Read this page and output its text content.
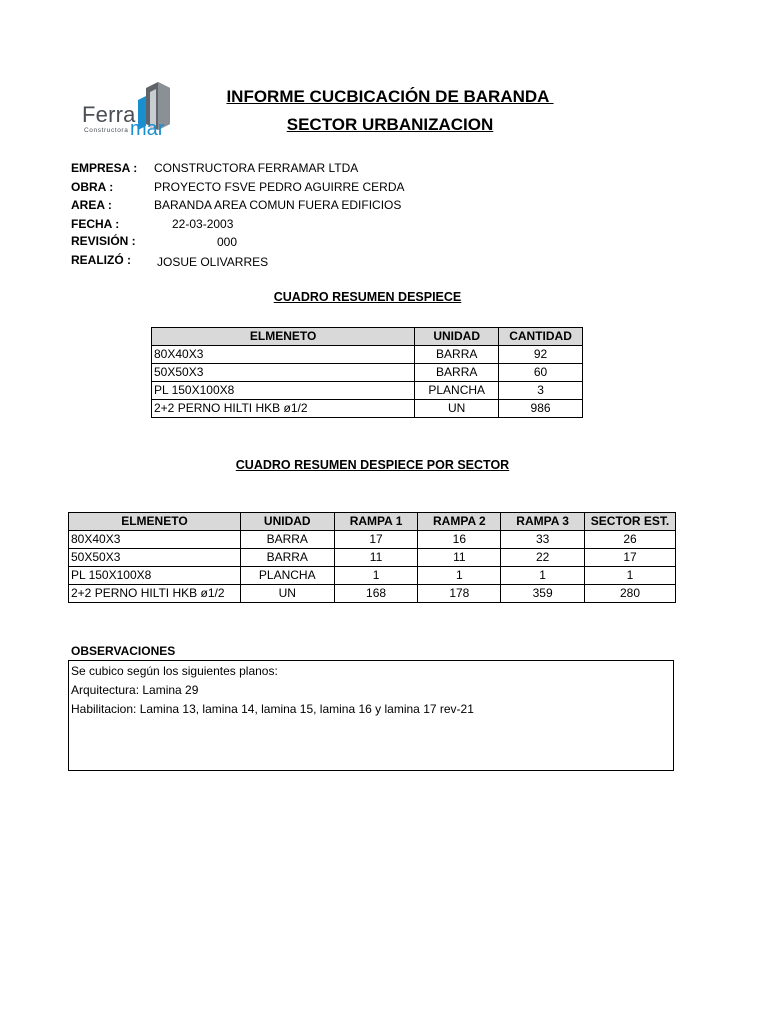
Ferra
mar
Constructora
INFORME CUCBICACIÓN DE BARANDA
SECTOR URBANIZACION
EMPRESA : CONSTRUCTORA FERRAMAR LTDA
OBRA :	PROYECTO FSVE PEDRO AGUIRRE CERDA
AREA :	BARANDA AREA COMUN FUERA EDIFICIOS
FECHA :	22-03-2003
REVISIÓN :	000
REALIZÓ : JOSUE OLIVARRES
CUADRO RESUMEN DESPIECE
ELMENETO	UNIDAD	CANTIDAD
80X40X3	BARRA	92
50X50X3	BARRA	60
PL 150X100X8	PLANCHA	3
2+2 PERNO HILTI HKB ø1/2	UN	986
CUADRO RESUMEN DESPIECE POR SECTOR
ELMENETO	UNIDAD	RAMPA 1	RAMPA 2	RAMPA 3	SECTOR EST.
80X40X3	BARRA	17	16	33	26
50X50X3	BARRA	11	11	22	17
PL 150X100X8	PLANCHA	1	1	1	1
2+2 PERNO HILTI HKB ø1/2	UN	168	178	359	280
OBSERVACIONES
Se cubico según los siguientes planos:
Arquitectura: Lamina 29
Habilitacion: Lamina 13, lamina 14, lamina 15, lamina 16 y lamina 17 rev-21
